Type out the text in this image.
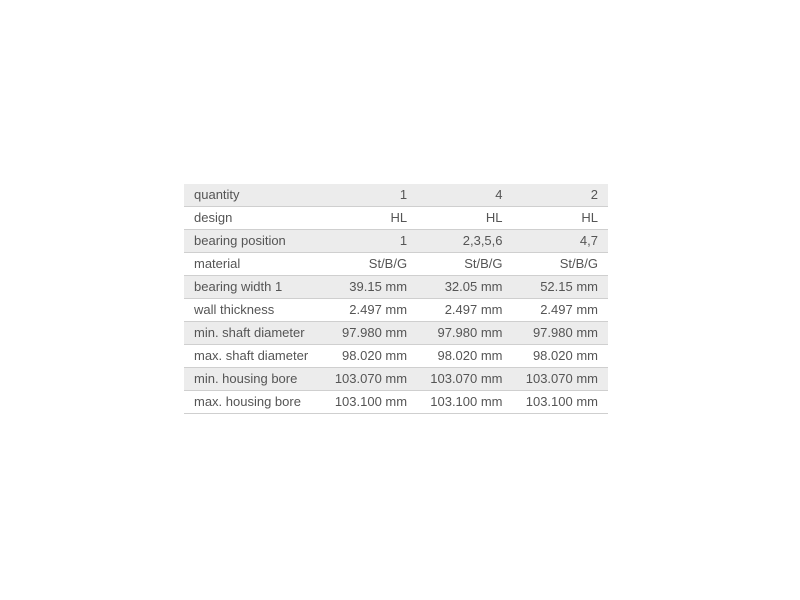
quantity	1	4	2
design	HL	HL	HL
bearing position	1	2,3,5,6	4,7
material	St/B/G	St/B/G	St/B/G
bearing width 1	39.15 mm	32.05 mm	52.15 mm
wall thickness	2.497 mm	2.497 mm	2.497 mm
min. shaft diameter	97.980 mm	97.980 mm	97.980 mm
max. shaft diameter	98.020 mm	98.020 mm	98.020 mm
min. housing bore	103.070 mm	103.070 mm	103.070 mm
max. housing bore	103.100 mm	103.100 mm	103.100 mm
